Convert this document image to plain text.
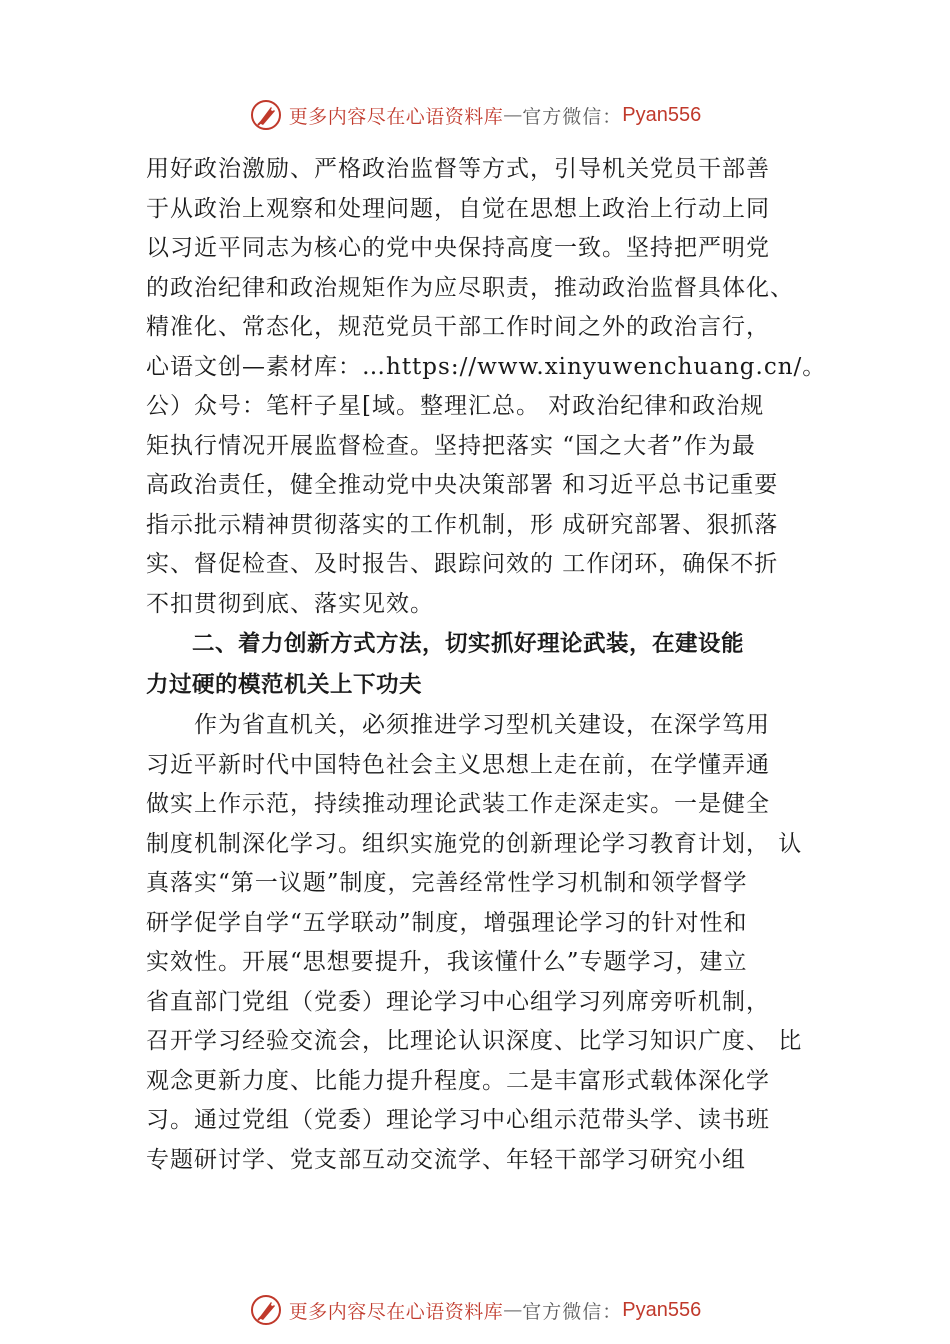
更多内容尽在心语资料库 — 官方微信： Pyan556
用好政治激励、严格政治监督等方式，引导机关党员干部善
于从政治上观察和处理问题，自觉在思想上政治上行动上同
以习近平同志为核心的党中央保持高度一致。坚持把严明党
的政治纪律和政治规矩作为应尽职责，推动政治监督具体化、
精准化、常态化，规范党员干部工作时间之外的政治言行，
心语文创—素材库：…https://www.xinyuwenchuang.cn/。
公）众号：笔杆子星[域。整理汇总。 对政治纪律和政治规
矩执行情况开展监督检查。坚持把落实 “国之大者”作为最
高政治责任，健全推动党中央决策部署 和习近平总书记重要
指示批示精神贯彻落实的工作机制，形 成研究部署、狠抓落
实、督促检查、及时报告、跟踪问效的 工作闭环，确保不折
不扣贯彻到底、落实见效。
　　二、着力创新方式方法，切实抓好理论武装，在建设能
力过硬的模范机关上下功夫
　　作为省直机关，必须推进学习型机关建设，在深学笃用
习近平新时代中国特色社会主义思想上走在前，在学懂弄通
做实上作示范，持续推动理论武装工作走深走实。一是健全
制度机制深化学习。组织实施党的创新理论学习教育计划， 认
真落实“第一议题”制度，完善经常性学习机制和领学督学
研学促学自学“五学联动”制度，增强理论学习的针对性和
实效性。开展“思想要提升，我该懂什么”专题学习，建立
省直部门党组（党委）理论学习中心组学习列席旁听机制，
召开学习经验交流会，比理论认识深度、比学习知识广度、 比
观念更新力度、比能力提升程度。二是丰富形式载体深化学
习。通过党组（党委）理论学习中心组示范带头学、读书班
专题研讨学、党支部互动交流学、年轻干部学习研究小组
更多内容尽在心语资料库 — 官方微信： Pyan556
